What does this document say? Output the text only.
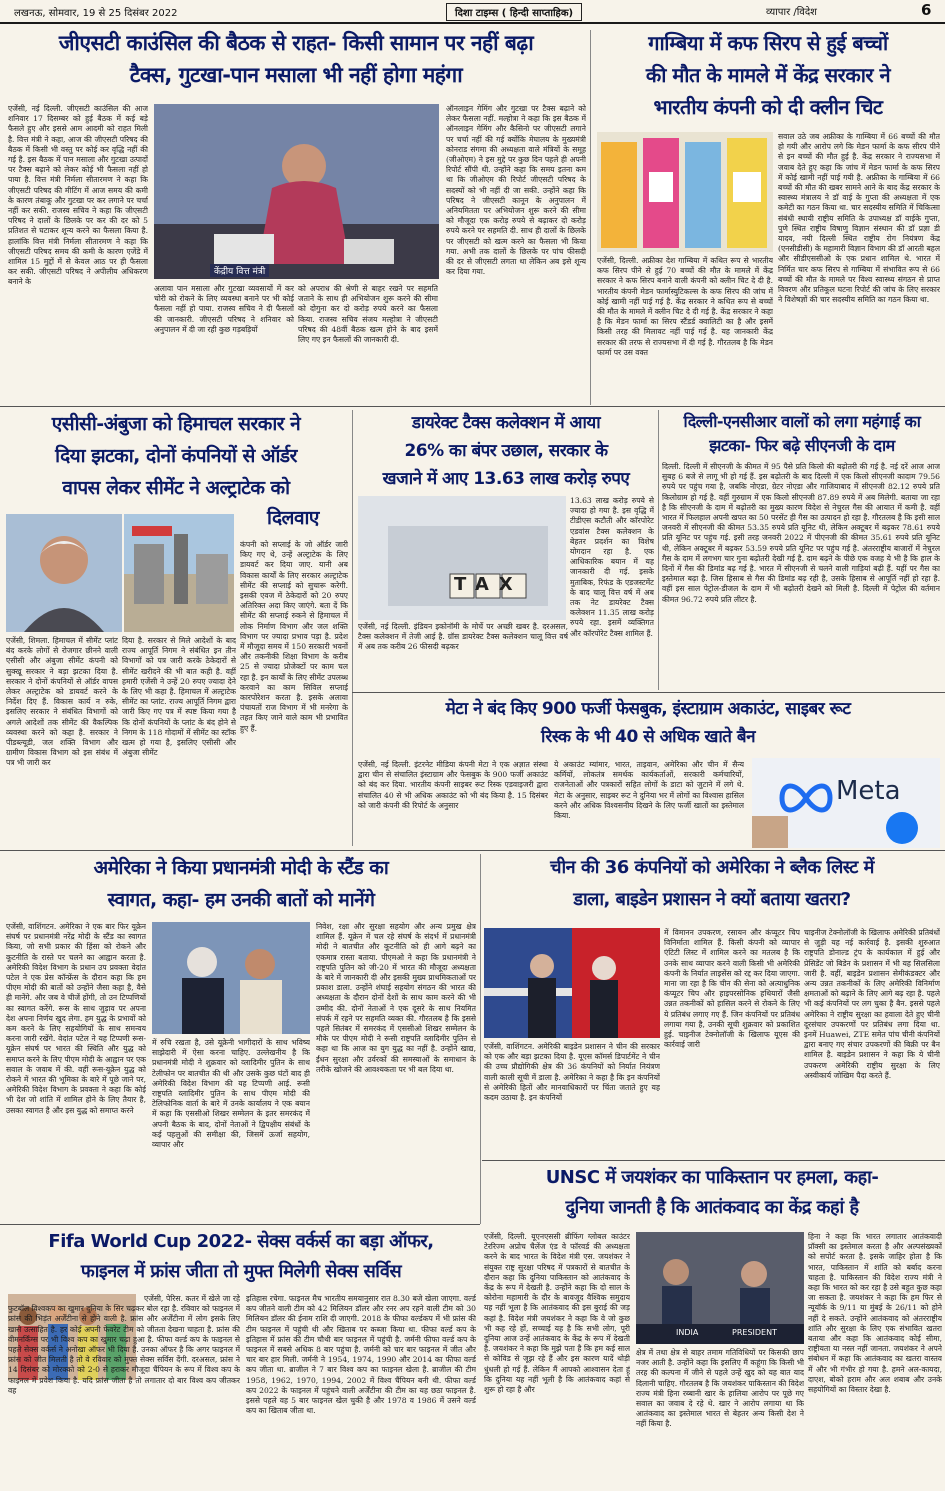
लखनऊ, सोमवार, 19 से 25 दिसंबर 2022	दिशा टाइम्स ( हिन्दी साप्ताहिक)	व्यापार /विदेश	6
जीएसटी काउंसिल की बैठक से राहत- किसी सामान पर नहीं बढ़ा
टैक्स, गुटखा-पान मसाला भी नहीं होगा महंगा
एजेंसी, नई दिल्ली. जीएसटी काउंसिल की आज शनिवार 17 दिसम्बर को हुई बैठक में कई बड़े फैसले हुए और इससे आम आदमी को राहत मिली है. वित्त मंत्री ने कहा, आज की जीएसटी परिषद की बैठक में किसी भी वस्तु पर कोई कर वृद्धि नहीं की गई है. इस बैठक में पान मसाला और गुटखा उत्पादों पर टैक्स बढ़ाने को लेकर कोई भी फैसला नहीं हो पाया है. वित्त मंत्री निर्मला सीतारमण ने कहा कि जीएसटी परिषद की मीटिंग में आज समय की कमी के कारण तंबाकू और गुटखा पर कर लगाने पर चर्चा नहीं कर सकी. राजस्व सचिव ने कहा कि जीएसटी परिषद ने दालों के छिलके पर कर की दर को 5 प्रतिशत से घटाकर शून्य करने का फैसला किया है. हालांकि वित्त मंत्री निर्मला सीतारमण ने कहा कि जीएसटी परिषद समय की कमी के कारण एजेंडे में शामिल 15 मुद्दों में से केवल आठ पर ही फैसला कर सकी. जीएसटी परिषद ने अपीलीय अधिकरण बनाने के
केंद्रीय वित्त मंत्री
अलावा पान मसाला और गुटखा व्यवसायों में कर चोरी को रोकने के लिए व्यवस्था बनाने पर भी कोई फैसला नहीं हो पाया. राजस्व सचिव ने दी फैसलों की जानकारी. जीएसटी परिषद ने शनिवार को अनुपालन में दी जा रही कुछ गड़बड़ियों
को अपराध की श्रेणी से बाहर रखने पर सहमति जताने के साथ ही अभियोजन शुरू करने की सीमा को दोगुना कर दो करोड़ रुपये करने का फैसला किया. राजस्व सचिव संजय मल्होत्रा ने जीएसटी परिषद की 48वीं बैठक खत्म होने के बाद इसमें लिए गए इन फैसलों की जानकारी दी.
ऑनलाइन गेमिंग और गुटखा पर टैक्स बढ़ाने को लेकर फैसला नहीं. मल्होत्रा ने कहा कि इस बैठक में ऑनलाइन गेमिंग और कैसिनो पर जीएसटी लगाने पर चर्चा नहीं की गई क्योंकि मेघालय के मुख्यमंत्री कोनराड संगमा की अध्यक्षता वाले मंत्रियों के समूह (जीओएम) ने इस मुद्दे पर कुछ दिन पहले ही अपनी रिपोर्ट सौंपी थी. उन्होंने कहा कि समय इतना कम था कि जीओएम की रिपोर्ट जीएसटी परिषद के सदस्यों को भी नहीं दी जा सकी. उन्होंने कहा कि परिषद ने जीएसटी कानून के अनुपालन में अनियमितता पर अभियोजन शुरू करने की सीमा को मौजूदा एक करोड़ रुपये से बढ़ाकर दो करोड़ रुपये करने पर सहमति दी. साथ ही दालों के छिलके पर जीएसटी को खत्म करने का फैसला भी किया गया. अभी तक दालों के छिलके पर पांच फीसदी की दर से जीएसटी लगता था लेकिन अब इसे शून्य कर दिया गया.
गाम्बिया में कफ सिरप से हुई बच्चों
की मौत के मामले में केंद्र सरकार ने
भारतीय कंपनी को दी क्लीन चिट
एजेंसी, दिल्ली. अफ्रीका देश गाम्बिया में कथित रूप से भारतीय कफ सिरप पीने से हुई 70 बच्चों की मौत के मामले में केंद्र सरकार ने कफ सिरप बनाने वाली कंपनी को क्लीन चिट दे दी है. भारतीय कंपनी मेडन फार्मास्युटिकल्स के कफ सिरप की जांच में कोई खामी नहीं पाई गई है. केंद्र सरकार ने कथित रूप से बच्चों की मौत के मामले में क्लीन चिट दे दी गई है. केंद्र सरकार ने कहा है कि मेडन फार्मा का सिरप स्टैंडर्ड क्वालिटी का है और इसमें किसी तरह की मिलावट नहीं पाई गई है. यह जानकारी केंद्र सरकार की तरफ से राज्यसभा में दी गई है. गौरतलब है कि मेडन फार्मा पर उस वक्त
सवाल उठे जब अफ्रीका के गाम्बिया में 66 बच्चों की मौत हो गयी और आरोप लगे कि मेडन फार्मा के कफ सीरप पीने से इन बच्चों की मौत हुई है. केंद्र सरकार ने राज्यसभा में जवाब देते हुए कहा कि जांच में मेडन फार्मा के कफ सिरप में कोई खामी नहीं पाई गयी है. अफ्रीका के गाम्बिया में 66 बच्चों की मौत की खबर सामने आने के बाद केंद्र सरकार के स्वास्थ्य मंत्रालय ने डॉ वाई के गुप्ता की अध्यक्षता में एक कमेटी का गठन किया था. चार सदस्यीय समिति में चिकित्सा संबंधी स्थायी राष्ट्रीय समिति के उपाध्यक्ष डॉ वाईके गुप्ता, पुणे स्थित राष्ट्रीय विषाणु विज्ञान संस्थान की डॉ प्रज्ञा डी यादव, नयी दिल्ली स्थित राष्ट्रीय रोग नियंत्रण केंद्र (एनसीडीसी) के महामारी विज्ञान विभाग की डॉ आरती बहल और सीडीएससीओ के एक प्रधान शामिल थे. भारत में निर्मित चार कफ सिरप से गाम्बिया में संभावित रूप से 66 बच्चों की मौत के मामले पर विश्व स्वास्थ्य संगठन से प्राप्त विवरण और प्रतिकूल घटना रिपोर्ट की जांच के लिए सरकार ने विशेषज्ञों की चार सदस्यीय समिति का गठन किया था.
एसीसी-अंबुजा को हिमाचल सरकार ने
दिया झटका, दोनों कंपनियों से ऑर्डर
वापस लेकर सीमेंट ने अल्ट्राटेक को
दिलवाए
एजेंसी, शिमला. हिमाचल में सीमेंट प्लांट बंद करके लोगों से रोजगार छीनने वाली एसीसी और अंबुजा सीमेंट कंपनी को सुक्खू सरकार ने बड़ा झटका दिया है. सरकार ने दोनों कंपनियों से ऑर्डर वापस लेकर अल्ट्राटेक को डायवर्ट करने के निर्देश दिए हैं. विकास कार्य न रुके, इसलिए सरकार ने संबंधित विभागों को अगले आदेशों तक सीमेंट की वैकल्पिक व्यवस्था करने को कहा है. सरकार ने पीडब्ल्यूडी, जल शक्ति विभाग और ग्रामीण विकास विभाग को इस संबंध में पत्र भी जारी कर
दिया है. सरकार से मिले आदेशों के बाद राज्य आपूर्ति निगम ने संबंधित इन तीन विभागों को पत्र जारी करके ठेकेदारों से सीमेंट खरीदने की भी बात कही है. वहीं हमारी एजेंसी ने उन्हें 20 रुपए ज्यादा देने के लिए भी कहा है. हिमाचल में अल्ट्राटेक सीमेंट का प्लांट. राज्य आपूर्ति निगम द्वारा जारी किए गए पत्र में स्पष्ट किया गया है कि दोनों कंपनियों के प्लांट के बंद होने से निगम के 118 गोदामों में सीमेंट का स्टॉक खत्म हो गया है, इसलिए एसीसी और अंबुजा सीमेंट
कंपनी को सप्लाई के जो ऑर्डर जारी किए गए थे, उन्हें अल्ट्राटेक के लिए डायवर्ट कर दिया जाए. यानी अब विकास कार्यों के लिए सरकार अल्ट्राटेक सीमेंट की सप्लाई को सुचारू करेगी. इसकी एवज में ठेकेदारों को 20 रुपए अतिरिक्त अदा किए जाएंगे. बता दें कि सीमेंट की सप्लाई रुकने से हिमाचल में लोक निर्माण विभाग और जल शक्ति विभाग पर ज्यादा प्रभाव पड़ा है. प्रदेश में मौजूदा समय में 150 सरकारी भवनों और तकनीकी शिक्षा विभाग के करीब 25 से ज्यादा प्रोजेक्टों पर काम चल रहा है. इन कार्यों के लिए सीमेंट उपलब्ध करवाने का काम सिविल सप्लाई कारपोरेशन करता है. इसके अलावा पंचायतों राज विभाग में भी मनरेगा के तहत किए जाने वाले काम भी प्रभावित हुए हैं.
डायरेक्ट टैक्स कलेक्शन में आया
26% का बंपर उछाल, सरकार के
खजाने में आए 13.63 लाख करोड़ रुपए
TAX
13.63 लाख करोड़ रुपये से ज्यादा हो गया है. इस वृद्धि में टीडीएस कटौती और कॉरपोरेट एडवांस टैक्स कलेक्शन के बेहतर प्रदर्शन का विशेष योगदान रहा है. एक आधिकारिक बयान में यह जानकारी दी गई. इसके मुताबिक, रिफंड के एडजस्टमेंट के बाद चालू वित्त वर्ष में अब तक नेट डायरेक्ट टैक्स कलेक्शन 11.35 लाख करोड़ रुपये रहा. इसमें व्यक्तिगत और कॉरपोरेट टैक्स शामिल हैं.
एजेंसी, नई दिल्ली. इंडियन इकोनॉमी के मोर्चे पर अच्छी खबर है. दरअसल, टैक्स कलेक्शन में तेजी आई है. ग्रॉस डायरेक्ट टैक्स कलेक्शन चालू वित्त वर्ष में अब तक करीब 26 फीसदी बढ़कर
दिल्ली-एनसीआर वालों को लगा महंगाई का
झटका- फिर बढ़े सीएनजी के दाम
दिल्ली. दिल्ली में सीएनजी के कीमत में 95 पैसे प्रति किलो की बढ़ोतरी की गई है. नई दरें आज आज सुबह 6 बजे से लागू भी हो गई हैं. इस बढ़ोतरी के बाद दिल्ली में एक किलो सीएनजी कादाम 79.56 रुपये पर पहुंच गया है, जबकि नोएडा, ग्रेटर नोएडा और गाजियाबाद में सीएनजी 82.12 रुपये प्रति किलोग्राम हो गई है. वहीं गुरुग्राम में एक किलो सीएनजी 87.89 रुपये में अब मिलेगी. बताया जा रहा है कि सीएनजी के दाम में बढ़ोतरी का मुख्य कारण विदेश से नेचुरल गैस की आयात में कमी है. वहीं भारत में फिलहाल अपनी खपत का 50 परसेंट ही गैस का उत्पादन हो रहा है. गौरतलब है कि इसी साल जनवरी में सीएनजी की कीमत 53.35 रुपये प्रति यूनिट थी, लेकिन अक्टूबर में बढ़कर 78.61 रुपये प्रति यूनिट पर पहुंच गई. इसी तरह जनवरी 2022 में पीएनजी की कीमत 35.61 रुपये प्रति यूनिट थी, लेकिन अक्टूबर में बढ़कर 53.59 रुपये प्रति यूनिट पर पहुंच गई है. अंतरराष्ट्रीय बाजारों में नेचुरल गैस के दाम में लगभग चार गुना बढ़ोतरी देखी गई है. दाम बढ़ने के पीछे एक वजह ये भी है कि हाल के दिनों में गैस की डिमांड बढ़ गई है. भारत में सीएनजी से चलने वाली गाड़ियां बढ़ी हैं. यहीं पर गैस का इस्तेमाल बढ़ा है. जिस हिसाब से गैस की डिमांड बढ़ रही है, उसके हिसाब से आपूर्ति नहीं हो रहा है. वहीं इस साल पेट्रोल-डीजल के दाम में भी बढ़ोतरी देखने को मिली है. दिल्ली में पेट्रोल की वर्तमान कीमत 96.72 रुपये प्रति लीटर है.
मेटा ने बंद किए 900 फर्जी फेसबुक, इंस्टाग्राम अकाउंट, साइबर रूट
रिस्क के भी 40 से अधिक खाते बैन
एजेंसी, नई दिल्ली. इंटरनेट मीडिया कंपनी मेटा ने एक अज्ञात संस्था द्वारा चीन से संचालित इंस्टाग्राम और फेसबुक के 900 फर्जी अकाउंट को बंद कर दिया. भारतीय कंपनी साइबर रूट रिस्क एडवाइजरी द्वारा संचालित 40 से भी अधिक अकाउंट को भी बंद किया है. 15 दिसंबर को जारी कंपनी की रिपोर्ट के अनुसार
ये अकाउंट म्यांमार, भारत, ताइवान, अमेरिका और चीन में सैन्य कर्मियों, लोकतंत्र समर्थक कार्यकर्ताओं, सरकारी कर्मचारियों, राजनेताओं और पत्रकारों सहित लोगों के डाटा को जुटाने में लगे थे. मेटा के अनुसार, साइबर रूट ने दुनिया भर में लोगों का विश्वास हासिल करने और अधिक विश्वसनीय दिखने के लिए फर्जी खातों का इस्तेमाल किया.
Meta
अमेरिका ने किया प्रधानमंत्री मोदी के स्टैंड का
स्वागत, कहा- हम उनकी बातों को मानेंगे
एजेंसी, वाशिंगटन. अमेरिका ने एक बार फिर यूक्रेन संघर्ष पर प्रधानमंत्री नरेंद्र मोदी के स्टैंड का स्वागत किया, जो सभी प्रकार की हिंसा को रोकने और कूटनीति के रास्ते पर चलने का आह्वान करता है. अमेरिकी विदेश विभाग के प्रधान उप प्रवक्ता वेदांत पटेल ने एक प्रेस कॉन्फ्रेंस के दौरान कहा कि हम पीएम मोदी की बातों को उन्होंने जैसा कहा है, वैसे ही मानेंगे. और जब वे चीजें होंगी, तो उन टिप्पणियों का स्वागत करेंगे. रूस के साथ जुड़ाव पर अपना देश अपना निर्णय खुद लेगा. हम युद्ध के प्रभावों को कम करने के लिए सहयोगियों के साथ समन्वय करना जारी रखेंगे. वेदांत पटेल ने यह टिप्पणी रूस-यूक्रेन संघर्ष पर भारत की स्थिति और युद्ध को समाप्त करने के लिए पीएम मोदी के आह्वान पर एक सवाल के जवाब में की. वहीं रूस-यूक्रेन युद्ध को रोकने में भारत की भूमिका के बारे में पूछे जाने पर, अमेरिकी विदेश विभाग के प्रवक्ता ने कहा कि कोई भी देश जो शांति में शामिल होने के लिए तैयार है, उसका स्वागत है और इस युद्ध को समाप्त करने
में रुचि रखता है, उसे यूक्रेनी भागीदारों के साथ भविष्य साझेदारी में ऐसा करना चाहिए. उल्लेखनीय है कि प्रधानमंत्री मोदी ने शुक्रवार को व्लादिमीर पुतिन के साथ टेलीफोन पर बातचीत की थी और उसके कुछ घंटों बाद ही अमेरिकी विदेश विभाग की यह टिप्पणी आई. रूसी राष्ट्रपति व्लादिमीर पुतिन के साथ पीएम मोदी की टेलिफोनिक वार्ता के बारे में उनके कार्यालय ने एक बयान में कहा कि एससीओ शिखर सम्मेलन के इतर समरकंद में अपनी बैठक के बाद, दोनों नेताओं ने द्विपक्षीय संबंधों के कई पहलुओं की समीक्षा की, जिसमें ऊर्जा सहयोग, व्यापार और
निवेश, रक्षा और सुरक्षा सहयोग और अन्य प्रमुख क्षेत्र शामिल हैं. यूक्रेन में चल रहे संघर्ष के संदर्भ में प्रधानमंत्री मोदी ने बातचीत और कूटनीति को ही आगे बढ़ने का एकमात्र रास्ता बताया. पीएमओ ने कहा कि प्रधानमंत्री ने राष्ट्रपति पुतिन को जी-20 में भारत की मौजूदा अध्यक्षता के बारे में जानकारी दी और इसकी मुख्य प्राथमिकताओं पर प्रकाश डाला. उन्होंने शंघाई सहयोग संगठन की भारत की अध्यक्षता के दौरान दोनों देशों के साथ काम करने की भी उम्मीद की. दोनों नेताओं ने एक दूसरे के साथ नियमित संपर्क में रहने पर सहमति व्यक्त की. गौरतलब है कि इससे पहले सितंबर में समरकंद में एससीओ शिखर सम्मेलन के मौके पर पीएम मोदी ने रूसी राष्ट्रपति व्लादिमीर पुतिन से कहा था कि आज का युग युद्ध का नहीं है. उन्होंने खाद्य, ईंधन सुरक्षा और उर्वरकों की समस्याओं के समाधान के तरीके खोजने की आवश्यकता पर भी बल दिया था.
चीन की 36 कंपनियों को अमेरिका ने ब्लैक लिस्ट में
डाला, बाइडेन प्रशासन ने क्यों बताया खतरा?
में विमानन उपकरण, रसायन और कंप्यूटर चिप विनिर्माता शामिल हैं. किसी कंपनी को व्यापार एंटिटी लिस्ट में शामिल करने का मतलब है कि उनके साथ व्यापार करने वाली किसी भी अमेरिकी कंपनी के निर्यात लाइसेंस को रद्द कर दिया जाएगा. माना जा रहा है कि चीन की सेना को अत्याधुनिक कंप्यूटर चिप और हाइपरसोनिक हथियारों जैसी उन्नत तकनीकों को हासिल करने से रोकने के लिए ये प्रतिबंध लगाए गए हैं. जिन कंपनियों पर प्रतिबंध लगाया गया है, उनकी सूची शुक्रवार को प्रकाशित हुई. चाइनीज टेक्नोलॉजी के खिलाफ यूएस की कार्रवाई जारी
चाइनीज टेक्नोलॉजी के खिलाफ अमेरिकी प्रतिबंधों से जुड़ी यह नई कार्रवाई है. इसकी शुरुआत राष्ट्रपति डोनाल्ड ट्रंप के कार्यकाल में हुई और प्रेसिडेंट जो बिडेन के प्रशासन में भी यह सिलसिला जारी है. वहीं, बाइडेन प्रशासन सेमीकंडक्टर और अन्य उन्नत तकनीकों के लिए अमेरिकी विनिर्माण क्षमताओं को बढ़ाने के लिए आगे बढ़ रहा है. पहले भी कई कंपनियों पर लग चुका है बैन. इससे पहले अमेरिका ने राष्ट्रीय सुरक्षा का हवाला देते हुए चीनी दूरसंचार उपकरणों पर प्रतिबंध लगा दिया था. इनमें Huawei, ZTE समेत पांच चीनी कंपनियों द्वारा बनाए गए संचार उपकरणों की बिक्री पर बैन शामिल है. बाइडेन प्रशासन ने कहा कि ये चीनी उपकरण अमेरिकी राष्ट्रीय सुरक्षा के लिए अस्वीकार्य जोखिम पैदा करते हैं.
एजेंसी, वाशिंगटन. अमेरिकी बाइडेन प्रशासन ने चीन की सरकार को एक और बड़ा झटका दिया है. यूएस कॉमर्स डिपार्टमेंट ने चीन की उच्च प्रौद्योगिकी क्षेत्र की 36 कंपनियों को निर्यात नियंत्रण वाली काली सूची में डाला है. अमेरिका ने कहा है कि इन कंपनियों से अमेरिकी हितों और मानवाधिकारों पर चिंता जताते हुए यह कदम उठाया है. इन कंपनियों
UNSC में जयशंकर का पाकिस्तान पर हमला, कहा-
दुनिया जानती है कि आतंकवाद का केंद्र कहां है
एजेंसी, दिल्ली. यूएनएससी ब्रीफिंग ग्लोबल काउंटर टेररिज्म अप्रोच चैलेंज एंड वे फॉरवर्ड की अध्यक्षता करने के बाद भारत के विदेश मंत्री एस. जयशंकर ने संयुक्त राष्ट्र सुरक्षा परिषद में पत्रकारों से बातचीत के दौरान कहा कि दुनिया पाकिस्तान को आतंकवाद के केंद्र के रूप में देखती है. उन्होंने कहा कि दो साल के कोरोना महामारी के दौर के बावजूद वैश्विक समुदाय यह नहीं भूला है कि आतंकवाद की इस बुराई की जड़ कहां है. विदेश मंत्री जयशंकर ने कहा कि वे जो कुछ भी कह रहे हों, सच्चाई यह है कि सभी लोग, पूरी दुनिया आज उन्हें आतंकवाद के केंद्र के रूप में देखती है. जयशंकर ने कहा कि मुझे पता है कि हम कई साल से कोविड से जूझ रहे हैं और इस कारण यादें थोड़ी धुंधली हो गई हैं. लेकिन मैं आपको आश्वासन देता हूं कि दुनिया यह नहीं भूली है कि आतंकवाद कहां से शुरू हो रहा है और
INDIA	PRESIDENT
क्षेत्र में तथा क्षेत्र से बाहर तमाम गतिविधियों पर किसकी छाप नजर आती है. उन्होंने कहा कि इसलिए मैं कहूंगा कि किसी भी तरह की कल्पना में जीने से पहले उन्हें खुद को यह बात याद दिलानी चाहिए. गौरतलब है कि जयशंकर पाकिस्तान की विदेश राज्य मंत्री हिना रब्बानी खार के हालिया आरोप पर पूछे गए सवाल का जवाब दे रहे थे. खार ने आरोप लगाया था कि आतंकवाद का इस्तेमाल भारत से बेहतर अन्य किसी देश ने नहीं किया है.
हिना ने कहा कि भारत लगातार आतंकवादी प्रॉक्सी का इस्तेमाल करता है और अल्पसंख्यकों को सपोर्ट करता है. इसके जाहिर होता है कि भारत, पाकिस्तान में शांति को बर्बाद करना चाहता है. पाकिस्तान की विदेश राज्य मंत्री ने कहा कि भारत को कर रहा है उसे बहुत कुछ कहा जा सकता है. जयशंकर ने कहा कि हम फिर से न्यूयॉर्क के 9/11 या मुंबई के 26/11 को होने नहीं दे सकते. उन्होंने आतंकवाद को अंतरराष्ट्रीय शांति और सुरक्षा के लिए एक संभावित खतरा बताया और कहा कि आतंकवाद कोई सीमा, राष्ट्रीयता या नस्ल नहीं जानता. जयशंकर ने अपने संबोधन में कहा कि आतंकवाद का खतरा वास्तव में और भी गंभीर हो गया है. हमने अल-कायदा, दाएश, बोको हराम और अल शबाब और उनके सहयोगियों का विस्तार देखा है.
Fifa World Cup 2022- सेक्स वर्कर्स का बड़ा ऑफर,
फाइनल में फ्रांस जीता तो मुफ्त मिलेगी सेक्स सर्विस
एजेंसी, पेरिस. कतर में खेले जा रहे फुटबॉल विश्वकप का खुमार दुनिया के सिर चढ़कर बोल रहा है. रविवार को फाइनल में फ्रांस की भिड़ंत अर्जेंटीना से होने वाली है. फ्रांस और अर्जेंटीना में लोग इसके लिए खासे उत्साहित है. हर कोई अपनी फेवरेट टीम को जीतता देखना चाहता है. फ्रांस की वीमनर्किंग्स पर भी विश्व कप का खुमार चढ़ा हुआ है. फीफा वर्ल्ड कप के फाइनल से पहले सेक्स वर्कर्स ने अनोखा ऑफर भी दिया है. उनका ऑफर है कि अगर फाइनल में फ्रांस को जीत मिलती है तो वे रविवार को मुफ्त सेक्स सर्विस देंगी. दरअसल, फ्रांस ने 14 दिसंबर को मोरक्को को 2-0 से हराकर मौजूदा चैंपियन के रूप में विश्व कप के फाइनल में प्रवेश किया है. यदि फ्रांस जीता है तो लगातार दो बार विश्व कप जीतकर वह
इतिहास रचेगा. फाइनल मैच भारतीय समयानुसार रात 8.30 बजे खेला जाएगा. वर्ल्ड कप जीतने वाली टीम को 42 मिलियन डॉलर और रनर अप रहने वाली टीम को 30 मिलियन डॉलर की ईनाम राशि दी जाएगी. 2018 के फीफा वर्ल्डकप में भी फ्रांस की टीम फाइनल में पहुंची थी और खिताब पर कब्जा किया था. फीफा वर्ल्ड कप के इतिहास में फ्रांस की टीम चौथी बार फाइनल में पहुंची है. जर्मनी फीफा वर्ल्ड कप के फाइनल में सबसे अधिक 8 बार पहुंचा है. जर्मनी को चार बार फाइनल में जीत और चार बार हार मिली. जर्मनी ने 1954, 1974, 1990 और 2014 का फीफा वर्ल्ड कप जीता था. ब्राजील ने 7 बार विश्व कप का फाइनल खेला है. ब्राजील की टीम 1958, 1962, 1970, 1994, 2002 में विश्व चैंपियन बनी थी. फीफा वर्ल्ड कप 2022 के फाइनल में पहुंचने वाली अर्जेंटीना की टीम का यह छठा फाइनल है. इससे पहले वह 5 बार फाइनल खेल चुकी है और 1978 व 1986 में उसने वर्ल्ड कप का खिताब जीता था.
